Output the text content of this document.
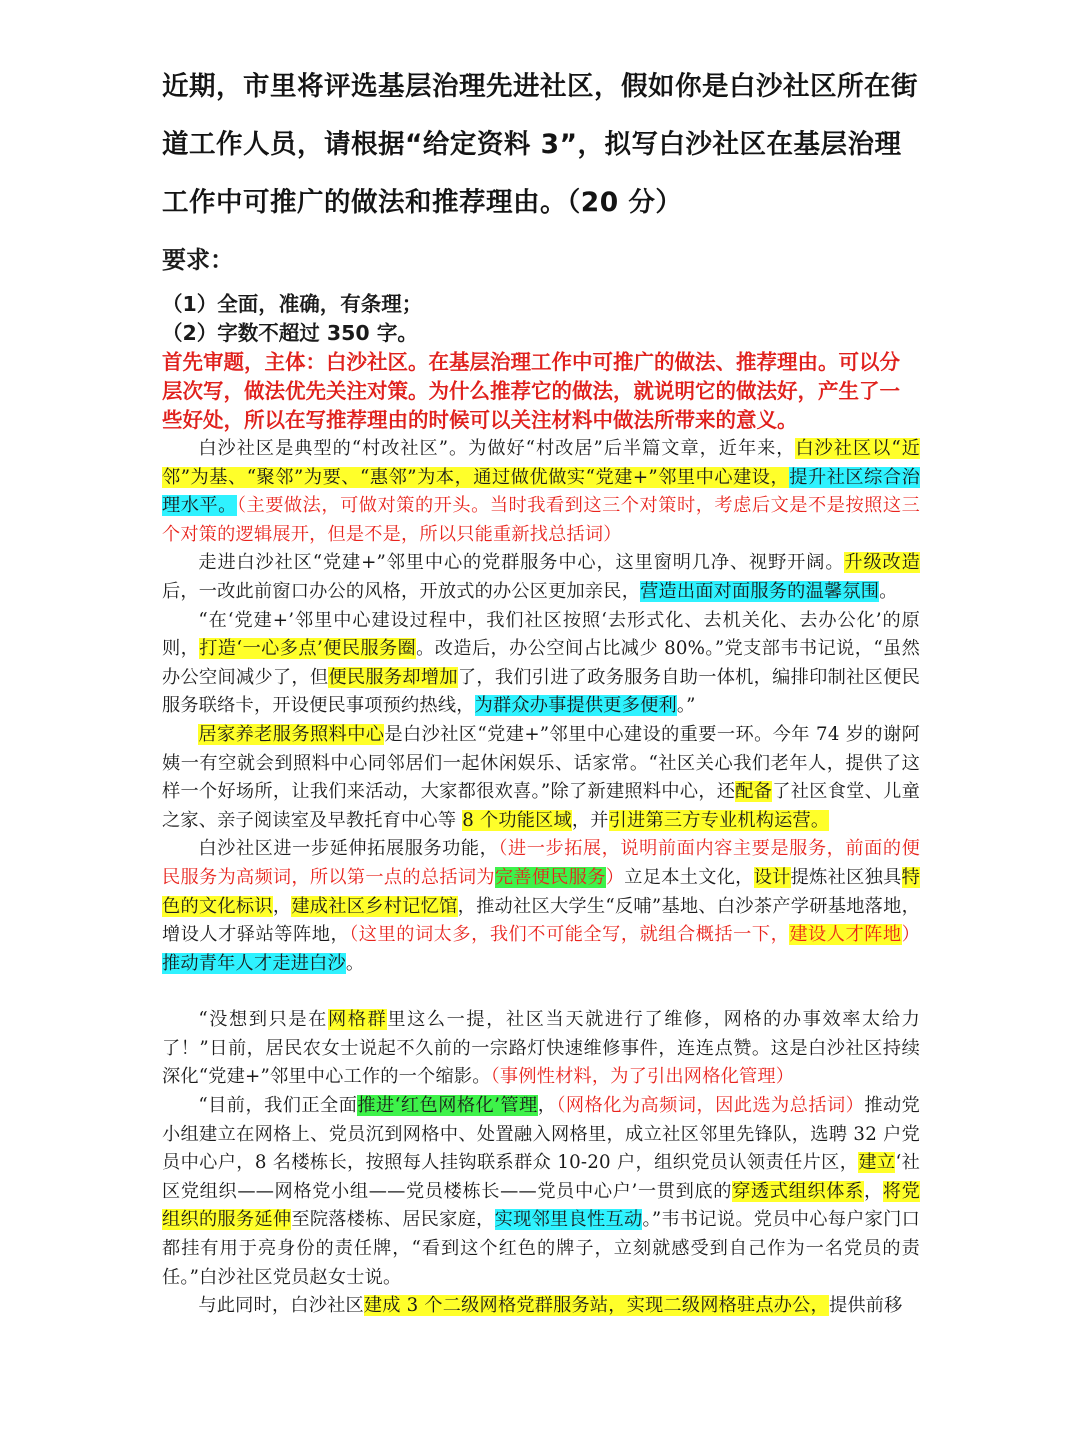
近期，市里将评选基层治理先进社区，假如你是白沙社区所在街道工作人员，请根据“给定资料 3”，拟写白沙社区在基层治理工作中可推广的做法和推荐理由。（20 分）
要求：
（1）全面，准确，有条理；
（2）字数不超过 350 字。
首先审题，主体：白沙社区。在基层治理工作中可推广的做法、推荐理由。可以分层次写，做法优先关注对策。为什么推荐它的做法，就说明它的做法好，产生了一些好处，所以在写推荐理由的时候可以关注材料中做法所带来的意义。

白沙社区是典型的“村改社区”。为做好“村改居”后半篇文章，近年来，白沙社区以“近邻”为基、“聚邻”为要、“惠邻”为本，通过做优做实“党建+”邻里中心建设，提升社区综合治理水平。（主要做法，可做对策的开头。当时我看到这三个对策时，考虑后文是不是按照这三个对策的逻辑展开，但是不是，所以只能重新找总括词）

走进白沙社区“党建+”邻里中心的党群服务中心，这里窗明几净、视野开阔。升级改造后，一改此前窗口办公的风格，开放式的办公区更加亲民，营造出面对面服务的温馨氛围。

“在‘党建+’邻里中心建设过程中，我们社区按照‘去形式化、去机关化、去办公化’的原则，打造‘一心多点’便民服务圈。改造后，办公空间占比减少 80%。”党支部韦书记说，“虽然办公空间减少了，但便民服务却增加了，我们引进了政务服务自助一体机，编排印制社区便民服务联络卡，开设便民事项预约热线，为群众办事提供更多便利。”

居家养老服务照料中心是白沙社区“党建+”邻里中心建设的重要一环。今年 74 岁的谢阿姨一有空就会到照料中心同邻居们一起休闲娱乐、话家常。“社区关心我们老年人，提供了这样一个好场所，让我们来活动，大家都很欢喜。”除了新建照料中心，还配备了社区食堂、儿童之家、亲子阅读室及早教托育中心等 8 个功能区域，并引进第三方专业机构运营。

白沙社区进一步延伸拓展服务功能，（进一步拓展，说明前面内容主要是服务，前面的便民服务为高频词，所以第一点的总括词为完善便民服务）立足本土文化，设计提炼社区独具特色的文化标识，建成社区乡村记忆馆，推动社区大学生“反哺”基地、白沙茶产学研基地落地，增设人才驿站等阵地，（这里的词太多，我们不可能全写，就组合概括一下，建设人才阵地）推动青年人才走进白沙。

“没想到只是在网格群里这么一提，社区当天就进行了维修，网格的办事效率太给力了！”日前，居民农女士说起不久前的一宗路灯快速维修事件，连连点赞。这是白沙社区持续深化“党建+”邻里中心工作的一个缩影。（事例性材料，为了引出网格化管理）

“目前，我们正全面推进‘红色网格化’管理，（网格化为高频词，因此选为总括词）推动党小组建立在网格上、党员沉到网格中、处置融入网格里，成立社区邻里先锋队，选聘 32 户党员中心户，8 名楼栋长，按照每人挂钩联系群众 10-20 户，组织党员认领责任片区，建立‘社区党组织——网格党小组——党员楼栋长——党员中心户’一贯到底的穿透式组织体系，将党组织的服务延伸至院落楼栋、居民家庭，实现邻里良性互动。”韦书记说。党员中心每户家门口都挂有用于亮身份的责任牌，“看到这个红色的牌子，立刻就感受到自己作为一名党员的责任。”白沙社区党员赵女士说。

与此同时，白沙社区建成 3 个二级网格党群服务站，实现二级网格驻点办公，提供前移
